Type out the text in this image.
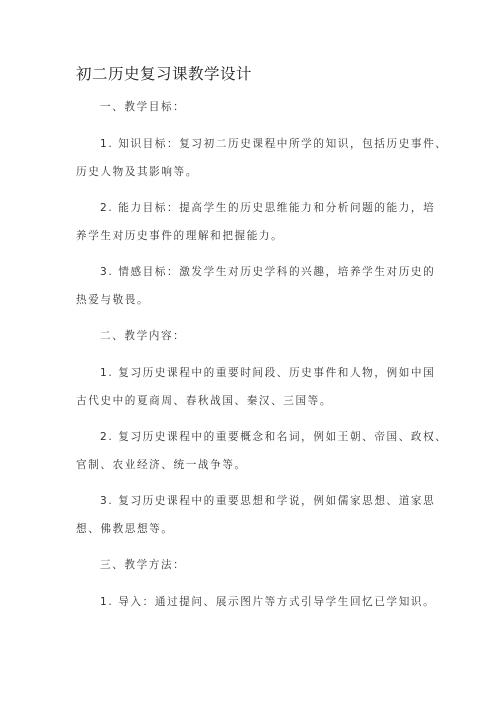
初二历史复习课教学设计
一、教学目标：
1. 知识目标：复习初二历史课程中所学的知识，包括历史事件、
历史人物及其影响等。
2. 能力目标：提高学生的历史思维能力和分析问题的能力，培
养学生对历史事件的理解和把握能力。
3. 情感目标：激发学生对历史学科的兴趣，培养学生对历史的
热爱与敬畏。
二、教学内容：
1. 复习历史课程中的重要时间段、历史事件和人物，例如中国
古代史中的夏商周、春秋战国、秦汉、三国等。
2. 复习历史课程中的重要概念和名词，例如王朝、帝国、政权、
官制、农业经济、统一战争等。
3. 复习历史课程中的重要思想和学说，例如儒家思想、道家思
想、佛教思想等。
三、教学方法：
1. 导入：通过提问、展示图片等方式引导学生回忆已学知识。
